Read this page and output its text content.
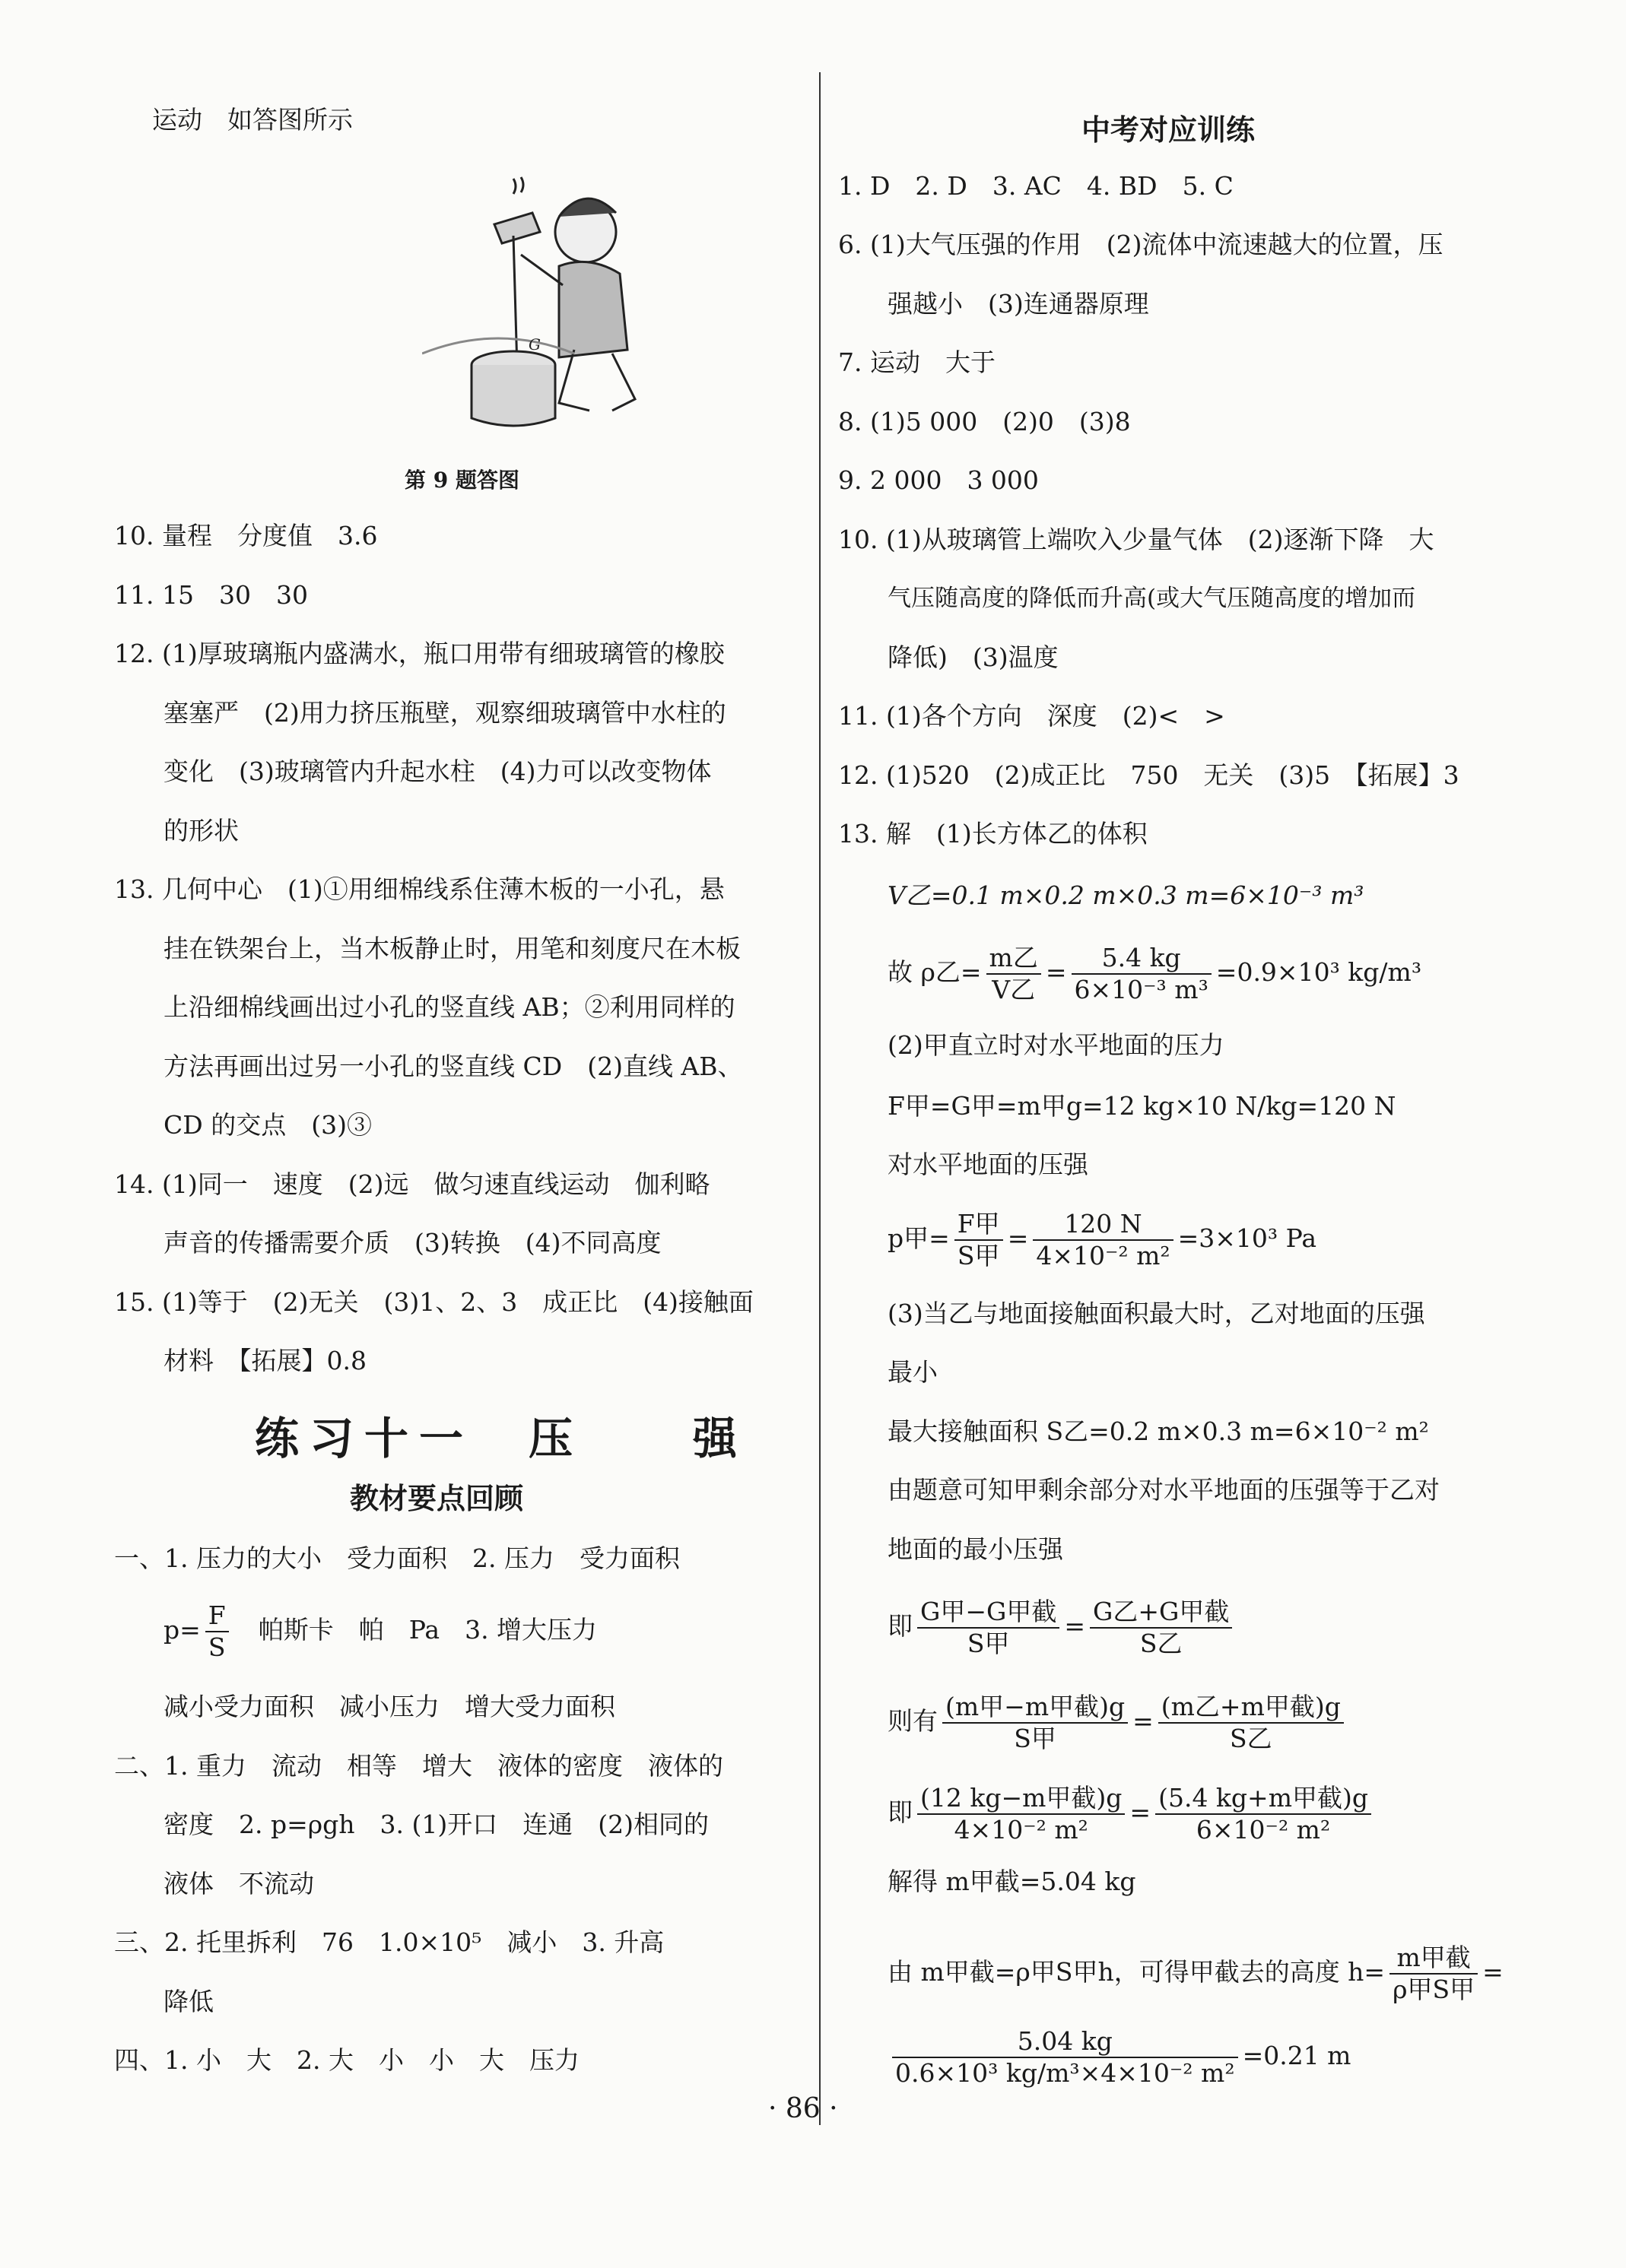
运动　如答图所示
G
第 9 题答图
10. 量程　分度值　3.6
11. 15　30　30
12. (1)厚玻璃瓶内盛满水，瓶口用带有细玻璃管的橡胶
塞塞严　(2)用力挤压瓶壁，观察细玻璃管中水柱的
变化　(3)玻璃管内升起水柱　(4)力可以改变物体
的形状
13. 几何中心　(1)①用细棉线系住薄木板的一小孔，悬
挂在铁架台上，当木板静止时，用笔和刻度尺在木板
上沿细棉线画出过小孔的竖直线 AB；②利用同样的
方法再画出过另一小孔的竖直线 CD　(2)直线 AB、
CD 的交点　(3)③
14. (1)同一　速度　(2)远　做匀速直线运动　伽利略
声音的传播需要介质　(3)转换　(4)不同高度
15. (1)等于　(2)无关　(3)1、2、3　成正比　(4)接触面
材料　【拓展】0.8
练习十一　压　　强
教材要点回顾
一、1. 压力的大小　受力面积　2. 压力　受力面积
$p= \frac{F}{S}$ 　帕斯卡　帕　Pa　3. 增大压力
减小受力面积　减小压力　增大受力面积
二、1. 重力　流动　相等　增大　液体的密度　液体的
密度　2. p=ρgh　3. (1)开口　连通　(2)相同的
液体　不流动
三、2. 托里拆利　76　1.0×10⁵　减小　3. 升高
降低
四、1. 小　大　2. 大　小　小　大　压力
中考对应训练
1. D　2. D　3. AC　4. BD　5. C
6. (1)大气压强的作用　(2)流体中流速越大的位置，压
强越小　(3)连通器原理
7. 运动　大于
8. (1)5 000　(2)0　(3)8
9. 2 000　3 000
10. (1)从玻璃管上端吹入少量气体　(2)逐渐下降　大
气压随高度的降低而升高(或大气压随高度的增加而
降低)　(3)温度
11. (1)各个方向　深度　(2)<　>
12. (1)520　(2)成正比　750　无关　(3)5　【拓展】3
13. 解　(1)长方体乙的体积
V乙=0.1 m×0.2 m×0.3 m=6×10⁻³ m³
故 ρ乙= $\frac{\text{m乙}}{\text{V乙}} = \frac{5.4 kg}{\text{6×10⁻³ m³}} =0.9\times 10^3$ kg/m³
(2)甲直立时对水平地面的压力
F甲=G甲=m甲g=12 kg×10 N/kg=120 N
对水平地面的压强
p甲= $\frac{\text{F甲}}{\text{S甲}} = \frac{120 N}{\text{4×10⁻² m²}} =3\times 10^3$ Pa
(3)当乙与地面接触面积最大时，乙对地面的压强
最小
最大接触面积 S乙=0.2 m×0.3 m=6×10⁻² m²
由题意可知甲剩余部分对水平地面的压强等于乙对
地面的最小压强
即 $\frac{\text{G甲−G甲截}}{\text{S甲}} = \frac{\text{G乙+G甲截}}{\text{S乙}}$
则有 $\frac{\text{(m甲−m甲截)g}}{\text{S甲}} = \frac{\text{(m乙+m甲截)g}}{\text{S乙}}$
即 $\frac{\text{(12 kg−m甲截)g}}{\text{4×10⁻² m²}} = \frac{\text{(5.4 kg+m甲截)g}}{\text{6×10⁻² m²}}$
解得 m甲截=5.04 kg
由 m甲截=ρ甲S甲h，可得甲截去的高度 $h= \frac{\text{m甲截}}{\text{ρ甲S甲}}$ =
$\frac{5.04 kg}{\text{0.6×10³ kg/m³×4×10⁻² m²}} =0.21$ m
· 86 ·
